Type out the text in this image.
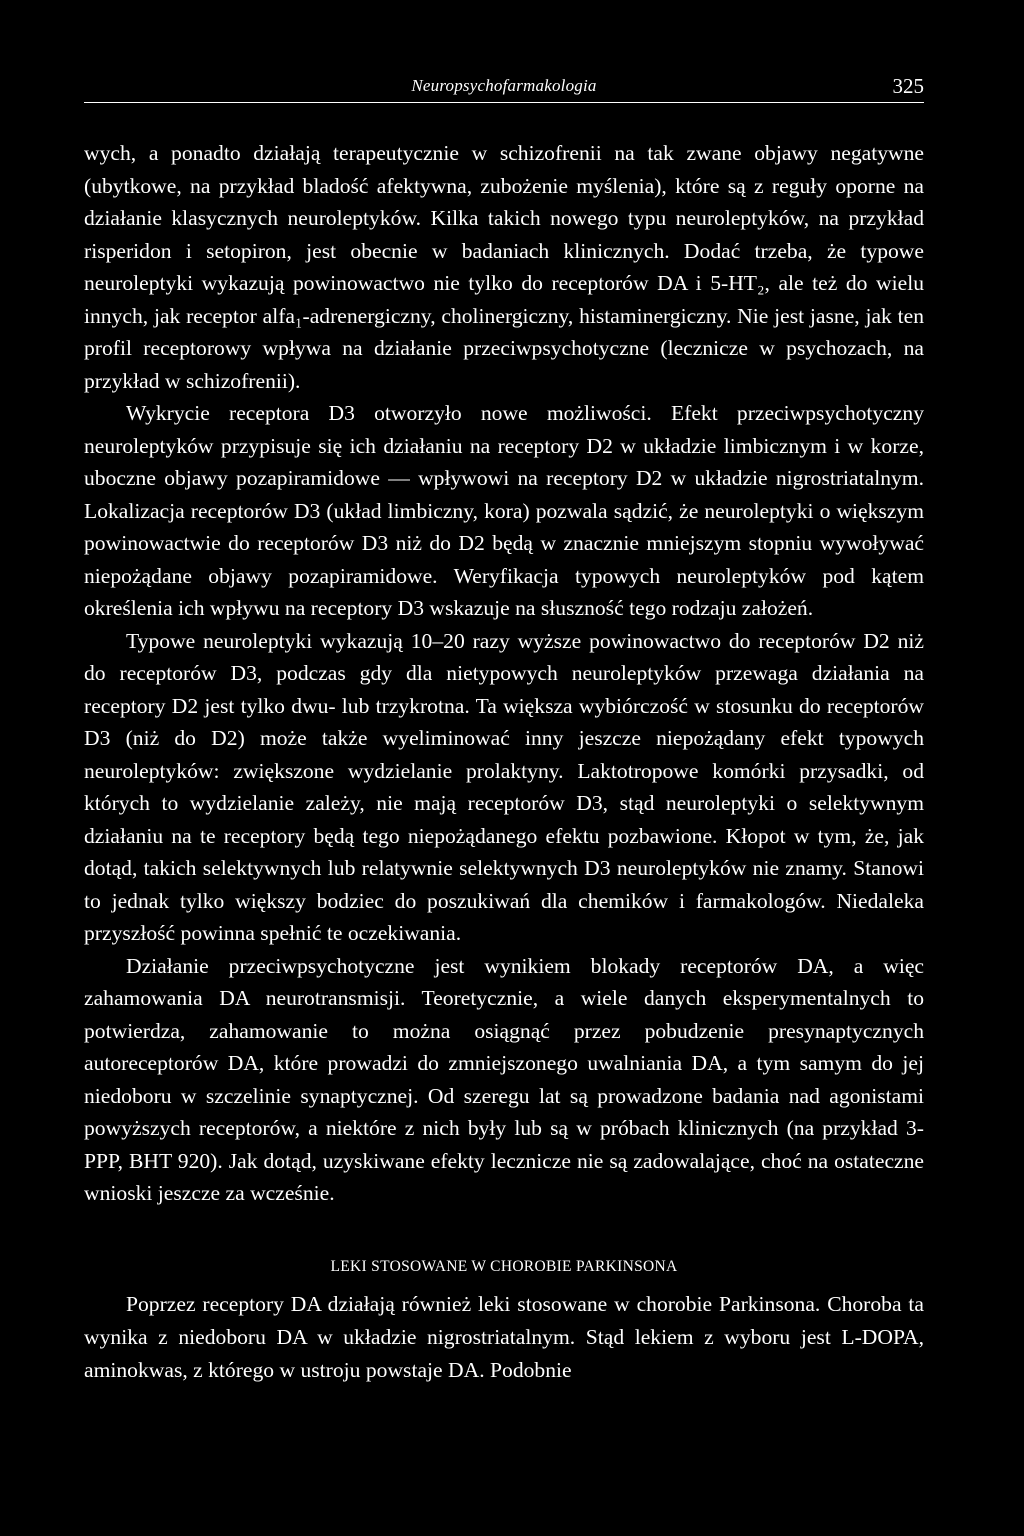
Neuropsychofarmakologia	325

wych, a ponadto działają terapeutycznie w schizofrenii na tak zwane objawy negatywne (ubytkowe, na przykład bladość afektywna, zubożenie myślenia), które są z reguły oporne na działanie klasycznych neuroleptyków. Kilka takich nowego typu neuroleptyków, na przykład risperidon i setopiron, jest obecnie w badaniach klinicznych. Dodać trzeba, że typowe neuroleptyki wykazują powinowactwo nie tylko do receptorów DA i 5-HT₂, ale też do wielu innych, jak receptor alfa₁-adrenergiczny, cholinergiczny, histaminergiczny. Nie jest jasne, jak ten profil receptorowy wpływa na działanie przeciwpsychotyczne (lecznicze w psychozach, na przykład w schizofrenii).

Wykrycie receptora D3 otworzyło nowe możliwości. Efekt przeciwpsychotyczny neuroleptyków przypisuje się ich działaniu na receptory D2 w układzie limbicznym i w korze, uboczne objawy pozapiramidowe — wpływowi na receptory D2 w układzie nigrostriatalnym. Lokalizacja receptorów D3 (układ limbiczny, kora) pozwala sądzić, że neuroleptyki o większym powinowactwie do receptorów D3 niż do D2 będą w znacznie mniejszym stopniu wywoływać niepożądane objawy pozapiramidowe. Weryfikacja typowych neuroleptyków pod kątem określenia ich wpływu na receptory D3 wskazuje na słuszność tego rodzaju założeń.

Typowe neuroleptyki wykazują 10–20 razy wyższe powinowactwo do receptorów D2 niż do receptorów D3, podczas gdy dla nietypowych neuroleptyków przewaga działania na receptory D2 jest tylko dwu- lub trzykrotna. Ta większa wybiórczość w stosunku do receptorów D3 (niż do D2) może także wyeliminować inny jeszcze niepożądany efekt typowych neuroleptyków: zwiększone wydzielanie prolaktyny. Laktotropowe komórki przysadki, od których to wydzielanie zależy, nie mają receptorów D3, stąd neuroleptyki o selektywnym działaniu na te receptory będą tego niepożądanego efektu pozbawione. Kłopot w tym, że, jak dotąd, takich selektywnych lub relatywnie selektywnych D3 neuroleptyków nie znamy. Stanowi to jednak tylko większy bodziec do poszukiwań dla chemików i farmakologów. Niedaleka przyszłość powinna spełnić te oczekiwania.

Działanie przeciwpsychotyczne jest wynikiem blokady receptorów DA, a więc zahamowania DA neurotransmisji. Teoretycznie, a wiele danych eksperymentalnych to potwierdza, zahamowanie to można osiągnąć przez pobudzenie presynaptycznych autoreceptorów DA, które prowadzi do zmniejszonego uwalniania DA, a tym samym do jej niedoboru w szczelinie synaptycznej. Od szeregu lat są prowadzone badania nad agonistami powyższych receptorów, a niektóre z nich były lub są w próbach klinicznych (na przykład 3-PPP, BHT 920). Jak dotąd, uzyskiwane efekty lecznicze nie są zadowalające, choć na ostateczne wnioski jeszcze za wcześnie.

LEKI STOSOWANE W CHOROBIE PARKINSONA

Poprzez receptory DA działają również leki stosowane w chorobie Parkinsona. Choroba ta wynika z niedoboru DA w układzie nigrostriatalnym. Stąd lekiem z wyboru jest L-DOPA, aminokwas, z którego w ustroju powstaje DA. Podobnie
